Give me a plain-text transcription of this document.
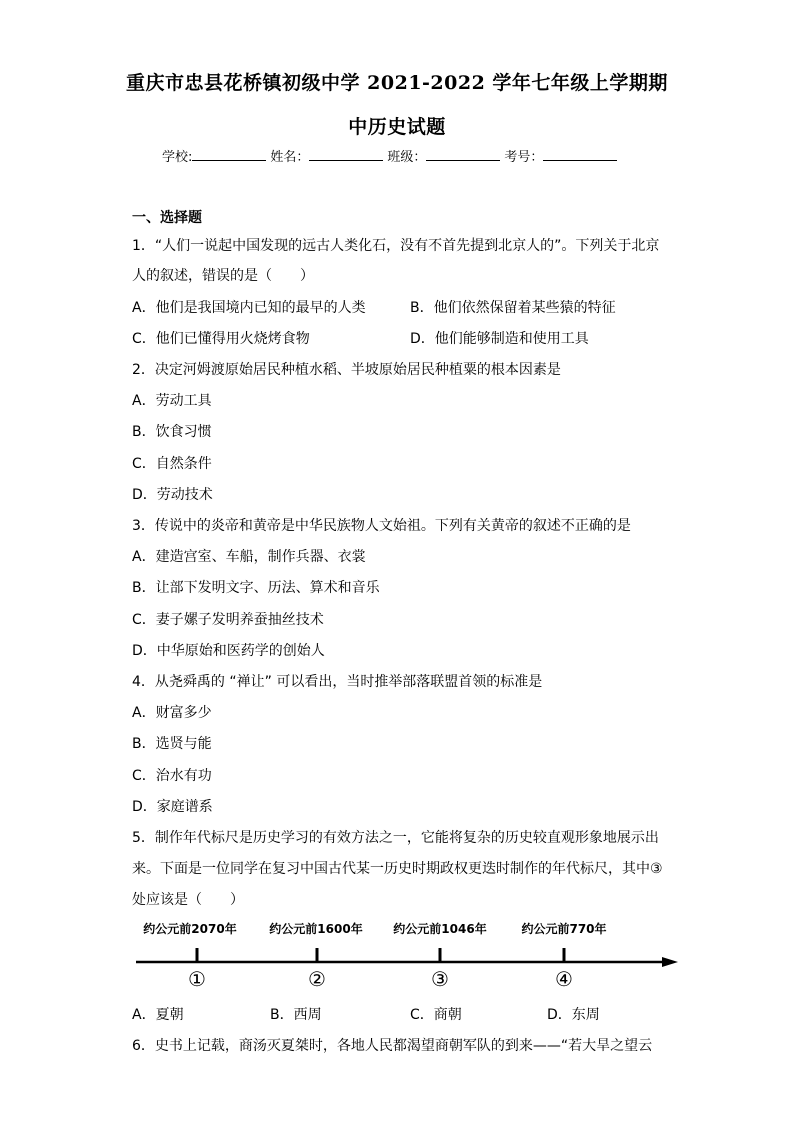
重庆市忠县花桥镇初级中学 2021-2022 学年七年级上学期期
中历史试题
学校:	姓名：	班级：	考号：
一、选择题
1．“人们一说起中国发现的远古人类化石，没有不首先提到北京人的”。下列关于北京
人的叙述，错误的是（　　）
A．他们是我国境内已知的最早的人类	B．他们依然保留着某些猿的特征
C．他们已懂得用火烧烤食物	D．他们能够制造和使用工具
2．决定河姆渡原始居民种植水稻、半坡原始居民种植粟的根本因素是
A．劳动工具
B．饮食习惯
C．自然条件
D．劳动技术
3．传说中的炎帝和黄帝是中华民族物人文始祖。下列有关黄帝的叙述不正确的是
A．建造宫室、车船，制作兵器、衣裳
B．让部下发明文字、历法、算术和音乐
C．妻子嫘子发明养蚕抽丝技术
D．中华原始和医药学的创始人
4．从尧舜禹的 “禅让” 可以看出，当时推举部落联盟首领的标准是
A．财富多少
B．选贤与能
C．治水有功
D．家庭谱系
5．制作年代标尺是历史学习的有效方法之一，它能将复杂的历史较直观形象地展示出
来。下面是一位同学在复习中国古代某一历史时期政权更迭时制作的年代标尺，其中③
处应该是（　　）
约公元前2070年	约公元前1600年	约公元前1046年	约公元前770年
①	②	③	④
A．夏朝	B．西周	C．商朝	D．东周
6．史书上记载，商汤灭夏桀时，各地人民都渴望商朝军队的到来——“若大旱之望云
